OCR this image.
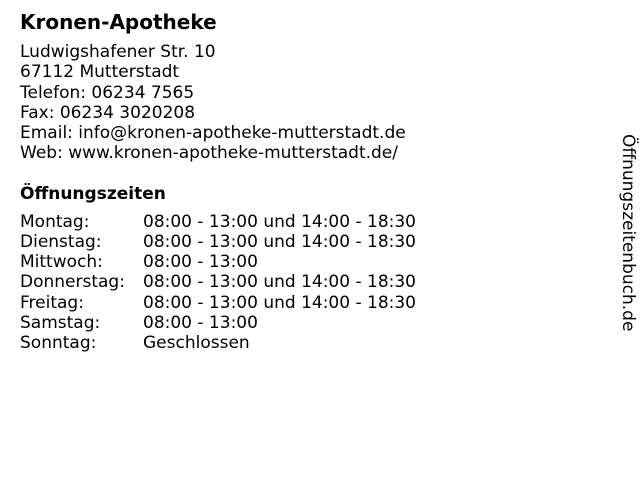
Kronen-Apotheke
Ludwigshafener Str. 10
67112 Mutterstadt
Telefon: 06234 7565
Fax: 06234 3020208
Email: info@kronen-apotheke-mutterstadt.de
Web: www.kronen-apotheke-mutterstadt.de/
Öffnungszeiten
Montag:	08:00 - 13:00 und 14:00 - 18:30
Dienstag:	08:00 - 13:00 und 14:00 - 18:30
Mittwoch:	08:00 - 13:00
Donnerstag:	08:00 - 13:00 und 14:00 - 18:30
Freitag:	08:00 - 13:00 und 14:00 - 18:30
Samstag:	08:00 - 13:00
Sonntag:	Geschlossen
Öffnungszeitenbuch.de
